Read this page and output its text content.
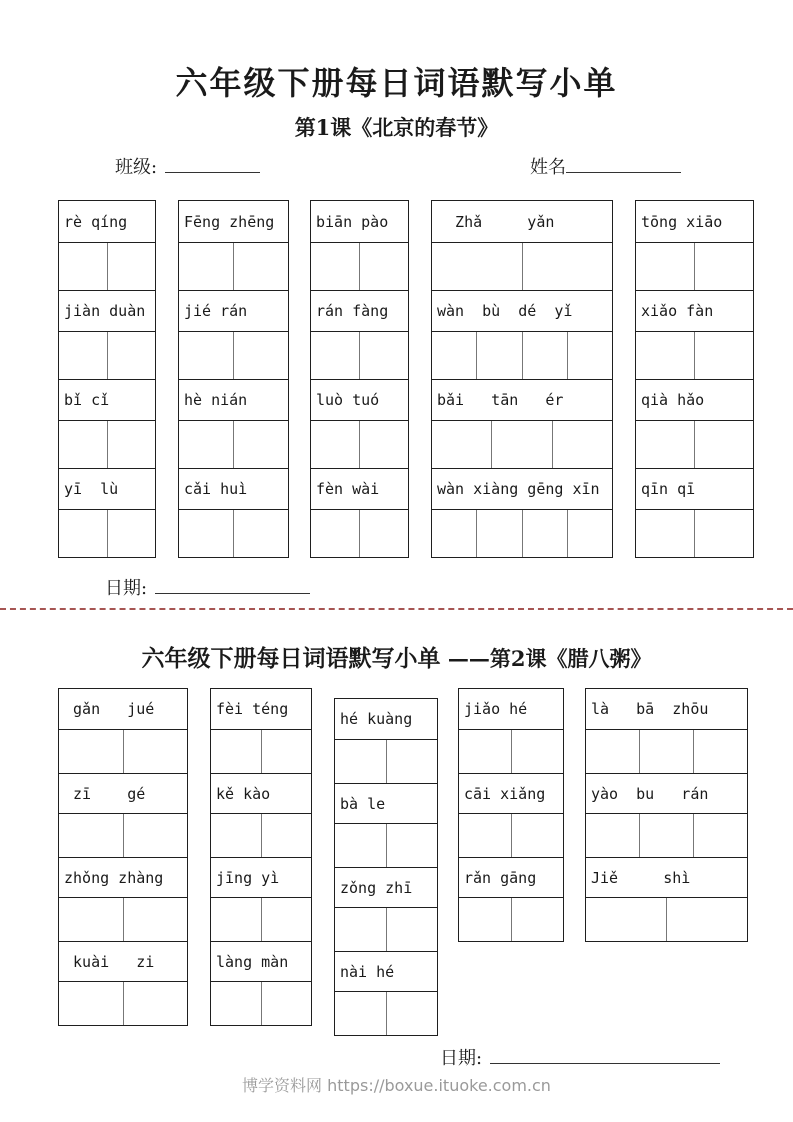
六年级下册每日词语默写小单
第1课《北京的春节》
班级:	姓名
rè qíng
jiàn duàn
bǐ cǐ
yī  lù
Fēng zhēng
jié rán
hè nián
cǎi huì
biān pào
rán fàng
luò tuó
fèn wài
Zhǎ     yǎn
wàn  bù  dé  yǐ
bǎi   tān   ér
wàn xiàng gēng xīn
tōng xiāo
xiǎo fàn
qià hǎo
qīn qī
日期:
六年级下册每日词语默写小单 ——第2课《腊八粥》
gǎn   jué
zī    gé
zhǒng zhàng
kuài   zi
fèi téng
kě kào
jīng yì
làng màn
hé kuàng
bà le
zǒng zhī
nài hé
jiǎo hé
cāi xiǎng
rǎn gāng
là   bā  zhōu
yào  bu   rán
Jiě     shì
日期:
博学资料网 https://boxue.ituoke.com.cn
